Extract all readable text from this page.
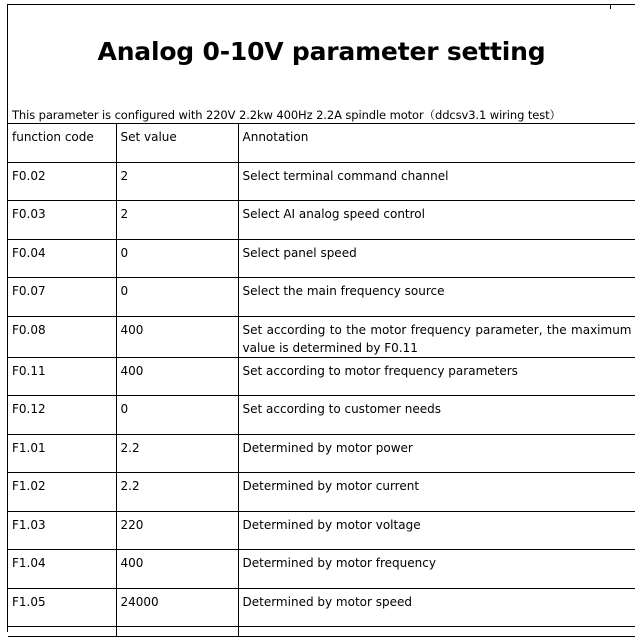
Analog 0-10V parameter setting
This parameter is configured with 220V 2.2kw 400Hz 2.2A spindle motor（ddcsv3.1 wiring test）
function code	Set value	Annotation
F0.02	2	Select terminal command channel
F0.03	2	Select AI analog speed control
F0.04	0	Select panel speed
F0.07	0	Select the main frequency source
F0.08	400	Set according to the motor frequency parameter, the maximum value is determined by F0.11
F0.11	400	Set according to motor frequency parameters
F0.12	0	Set according to customer needs
F1.01	2.2	Determined by motor power
F1.02	2.2	Determined by motor current
F1.03	220	Determined by motor voltage
F1.04	400	Determined by motor frequency
F1.05	24000	Determined by motor speed
